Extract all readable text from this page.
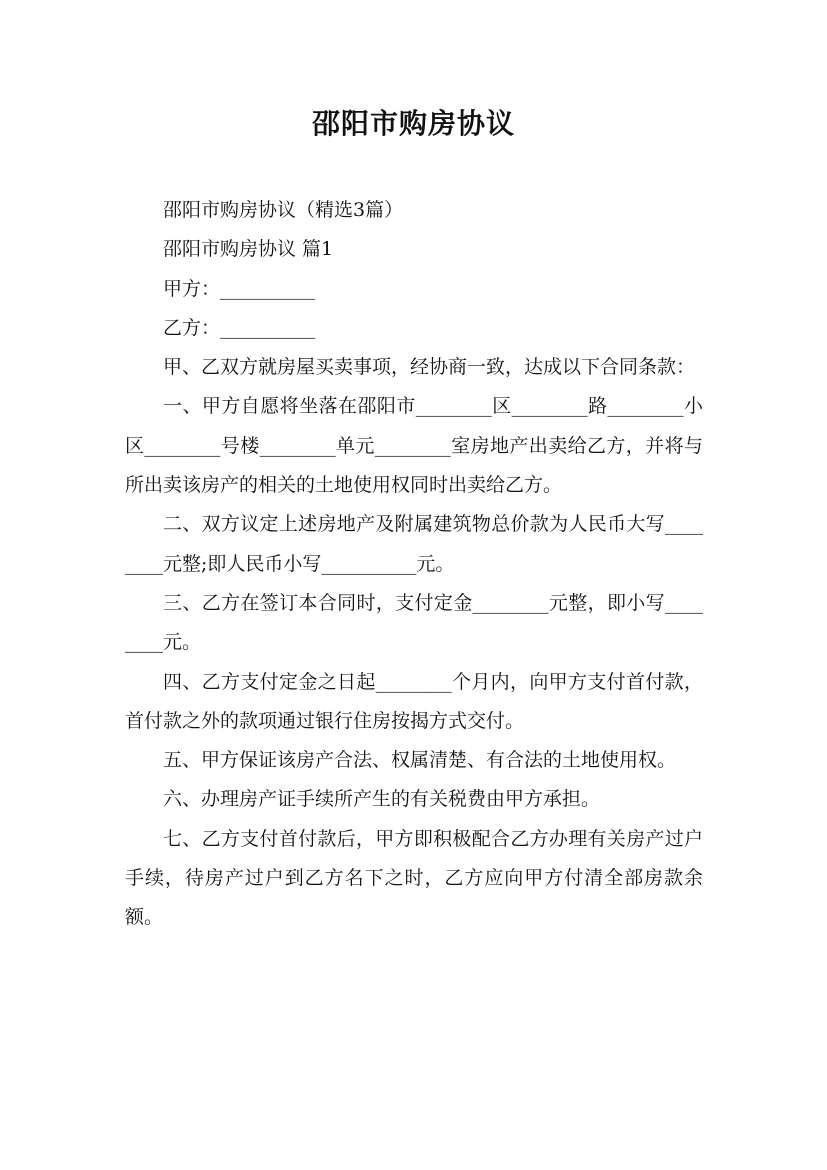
邵阳市购房协议

邵阳市购房协议（精选3篇）

邵阳市购房协议 篇1

甲方：__________

乙方：__________

甲、乙双方就房屋买卖事项，经协商一致，达成以下合同条款：

一、甲方自愿将坐落在邵阳市________区________路________小区________号楼________单元________室房地产出卖给乙方，并将与所出卖该房产的相关的土地使用权同时出卖给乙方。

二、双方议定上述房地产及附属建筑物总价款为人民币大写________元整;即人民币小写__________元。

三、乙方在签订本合同时，支付定金________元整，即小写________元。

四、乙方支付定金之日起________个月内，向甲方支付首付款，首付款之外的款项通过银行住房按揭方式交付。

五、甲方保证该房产合法、权属清楚、有合法的土地使用权。

六、办理房产证手续所产生的有关税费由甲方承担。

七、乙方支付首付款后，甲方即积极配合乙方办理有关房产过户手续，待房产过户到乙方名下之时，乙方应向甲方付清全部房款余额。
